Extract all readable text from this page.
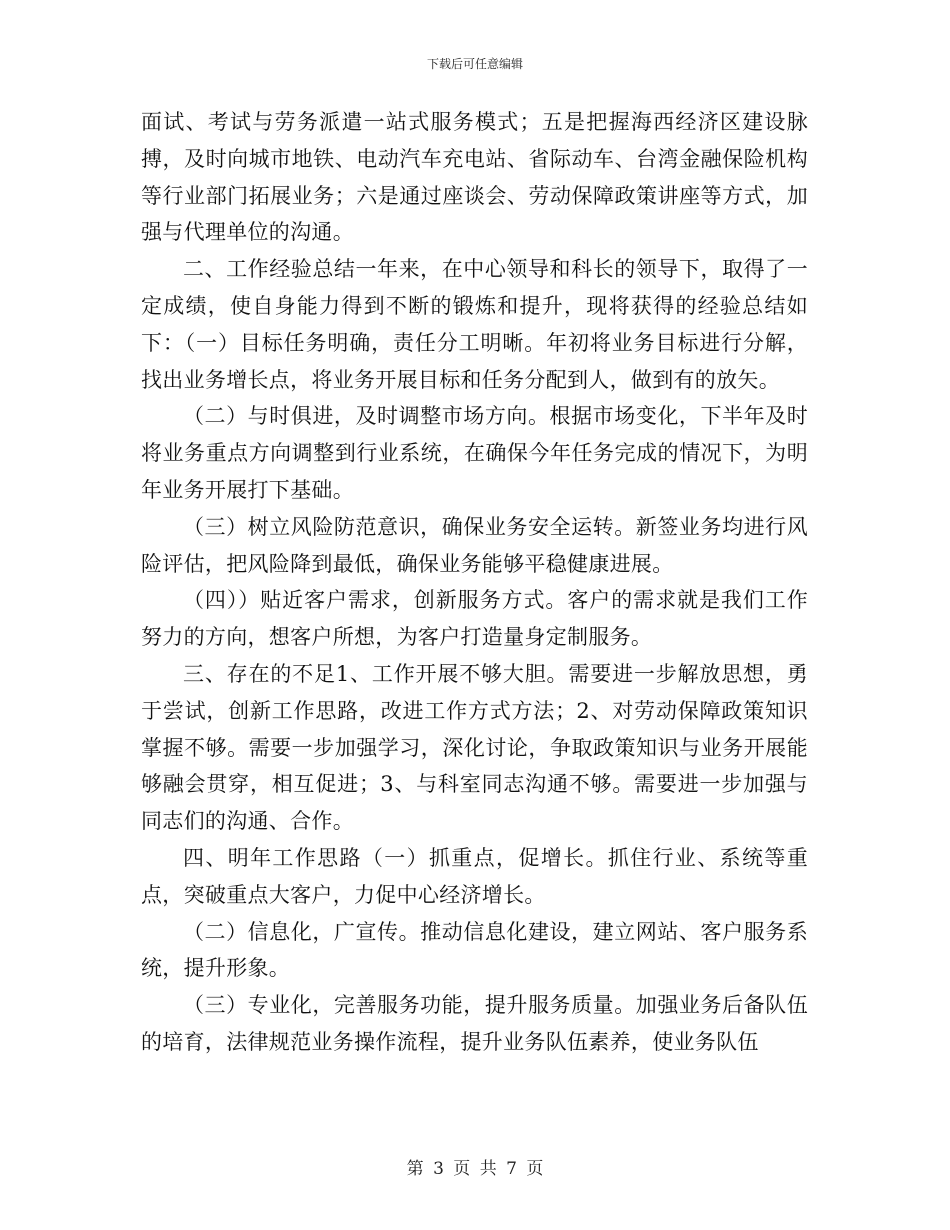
下载后可任意编辑

面试、考试与劳务派遣一站式服务模式；五是把握海西经济区建设脉搏，及时向城市地铁、电动汽车充电站、省际动车、台湾金融保险机构等行业部门拓展业务；六是通过座谈会、劳动保障政策讲座等方式，加强与代理单位的沟通。

二、工作经验总结一年来，在中心领导和科长的领导下，取得了一定成绩，使自身能力得到不断的锻炼和提升，现将获得的经验总结如下：（一）目标任务明确，责任分工明晰。年初将业务目标进行分解，找出业务增长点，将业务开展目标和任务分配到人，做到有的放矢。

（二）与时俱进，及时调整市场方向。根据市场变化，下半年及时将业务重点方向调整到行业系统，在确保今年任务完成的情况下，为明年业务开展打下基础。

（三）树立风险防范意识，确保业务安全运转。新签业务均进行风险评估，把风险降到最低，确保业务能够平稳健康进展。

（四））贴近客户需求，创新服务方式。客户的需求就是我们工作努力的方向，想客户所想，为客户打造量身定制服务。

三、存在的不足1、工作开展不够大胆。需要进一步解放思想，勇于尝试，创新工作思路，改进工作方式方法；2、对劳动保障政策知识掌握不够。需要一步加强学习，深化讨论，争取政策知识与业务开展能够融会贯穿，相互促进；3、与科室同志沟通不够。需要进一步加强与同志们的沟通、合作。

四、明年工作思路（一）抓重点，促增长。抓住行业、系统等重点，突破重点大客户，力促中心经济增长。

（二）信息化，广宣传。推动信息化建设，建立网站、客户服务系统，提升形象。

（三）专业化，完善服务功能，提升服务质量。加强业务后备队伍的培育，法律规范业务操作流程，提升业务队伍素养，使业务队伍

第 3 页 共 7 页
